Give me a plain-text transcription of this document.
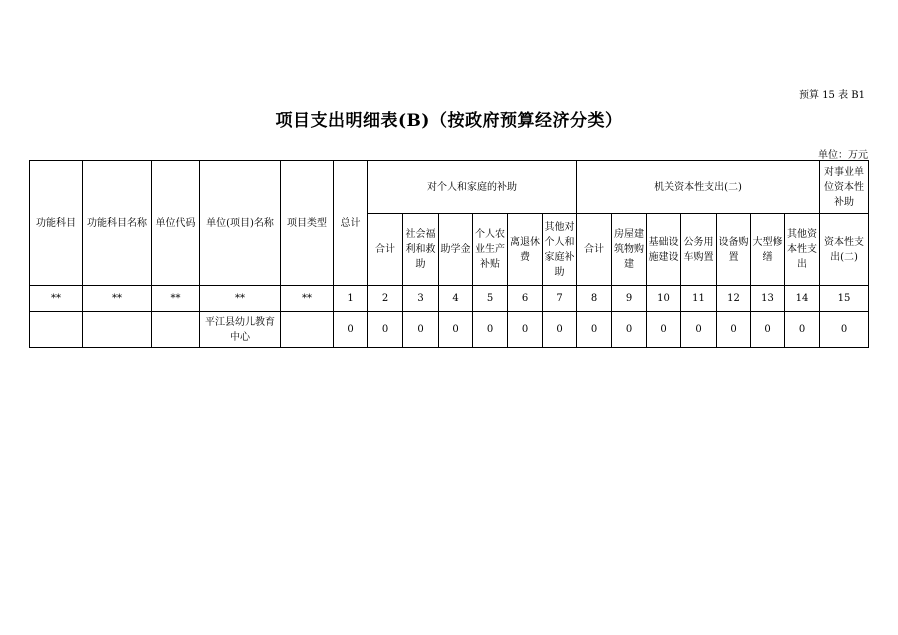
预算 15 表 B1
项目支出明细表(B)（按政府预算经济分类）
单位：万元
功能科目	功能科目名称	单位代码	单位(项目)名称	项目类型	总计	对个人和家庭的补助						机关资本性支出(二)							对事业单位资本性补助
						合计	社会福利和救助	助学金	个人农业生产补贴	离退休费	其他对个人和家庭补助	合计	房屋建筑物购建	基础设施建设	公务用车购置	设备购置	大型修缮	其他资本性支出	资本性支出(二)
**	**	**	**	**	1	2	3	4	5	6	7	8	9	10	11	12	13	14	15
			平江县幼儿教育中心		0	0	0	0	0	0	0	0	0	0	0	0	0	0	0
